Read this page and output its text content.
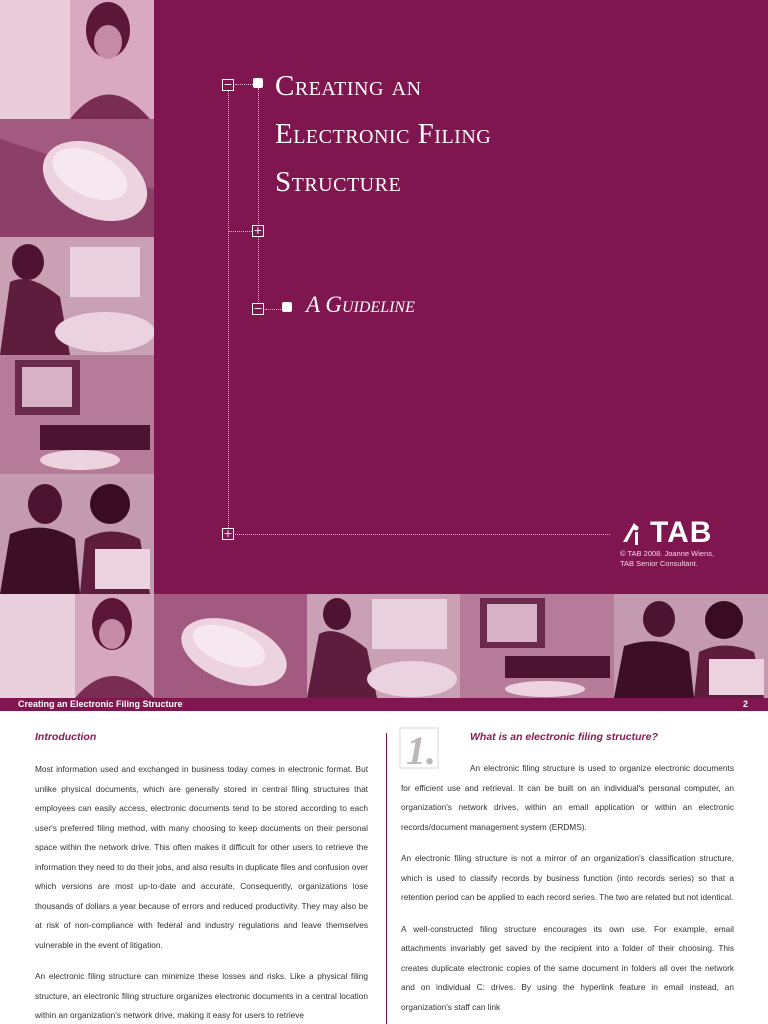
−
+
−
+
Creating an
Electronic Filing
Structure
A Guideline
TAB
© TAB 2008. Joanne Wiens,
TAB Senior Consultant.
Creating an Electronic Filing Structure	2
Introduction

Most information used and exchanged in business today comes in electronic format. But unlike physical documents, which are generally stored in central filing structures that employees can easily access, electronic documents tend to be stored according to each user's preferred filing method, with many choosing to keep documents on their personal space within the network drive. This often makes it difficult for other users to retrieve the information they need to do their jobs, and also results in duplicate files and confusion over which versions are most up-to-date and accurate. Consequently, organizations lose thousands of dollars a year because of errors and reduced productivity. They may also be at risk of non-compliance with federal and industry regulations and leave themselves vulnerable in the event of litigation.

An electronic filing structure can minimize these losses and risks. Like a physical filing structure, an electronic filing structure organizes electronic documents in a central location within an organization's network drive, making it easy for users to retrieve

1.	What is an electronic filing structure?

An electronic filing structure is used to organize electronic documents for efficient use and retrieval. It can be built on an individual's personal computer, an organization's network drives, within an email application or within an electronic records/document management system (ERDMS).

An electronic filing structure is not a mirror of an organization's classification structure, which is used to classify records by business function (into records series) so that a retention period can be applied to each record series. The two are related but not identical.

A well-constructed filing structure encourages its own use. For example, email attachments invariably get saved by the recipient into a folder of their choosing. This creates duplicate electronic copies of the same document in folders all over the network and on individual C: drives. By using the hyperlink feature in email instead, an organization's staff can link
